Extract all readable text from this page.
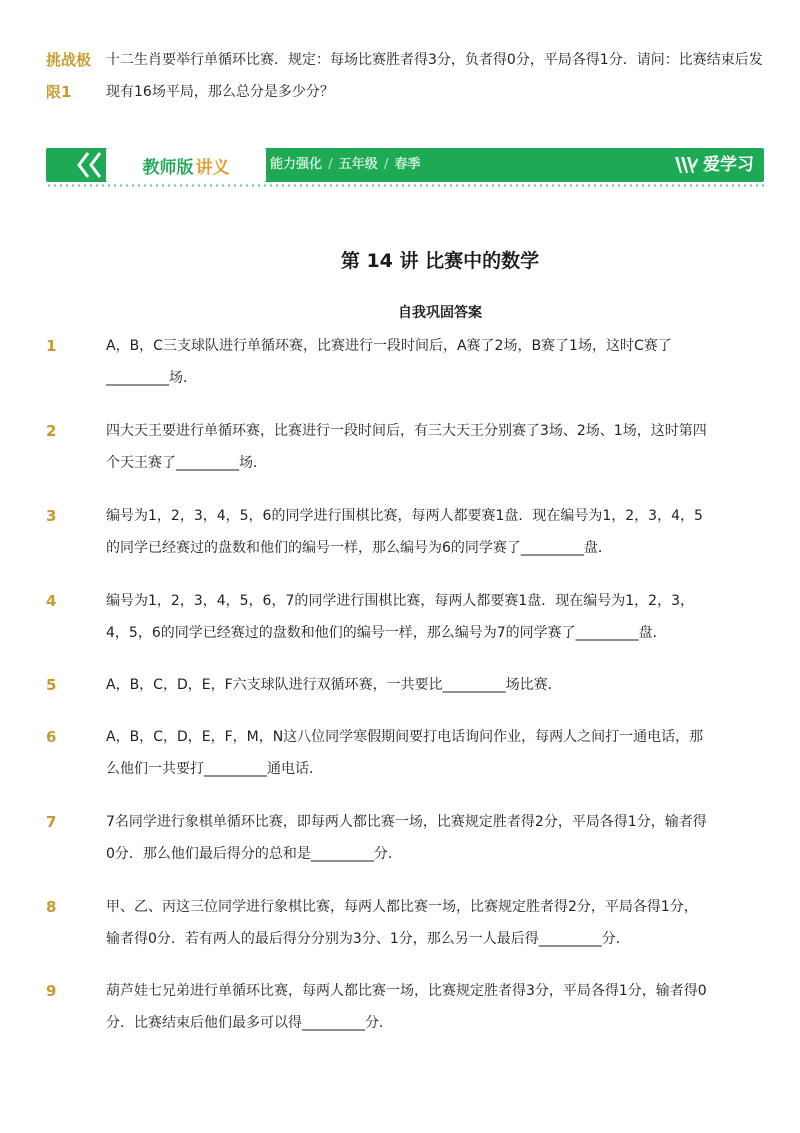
挑战极
限1
十二生肖要举行单循环比赛．规定：每场比赛胜者得3分，负者得0分，平局各得1分．请问：比赛结束后发现有16场平局，那么总分是多少分？
教师版 讲义	能力强化 / 五年级 / 春季	爱学习
第 14 讲 比赛中的数学
自我巩固答案
1	A，B，C三支球队进行单循环赛，比赛进行一段时间后，A赛了2场，B赛了1场，这时C赛了
_________场．
2	四大天王要进行单循环赛，比赛进行一段时间后，有三大天王分别赛了3场、2场、1场，这时第四
个天王赛了_________场．
3	编号为1，2，3，4，5，6的同学进行围棋比赛，每两人都要赛1盘．现在编号为1，2，3，4，5
的同学已经赛过的盘数和他们的编号一样，那么编号为6的同学赛了_________盘．
4	编号为1，2，3，4，5，6，7的同学进行围棋比赛，每两人都要赛1盘．现在编号为1，2，3，
4，5，6的同学已经赛过的盘数和他们的编号一样，那么编号为7的同学赛了_________盘．
5	A，B，C，D，E，F六支球队进行双循环赛，一共要比_________场比赛．
6	A，B，C，D，E，F，M，N这八位同学寒假期间要打电话询问作业，每两人之间打一通电话，那
么他们一共要打_________通电话．
7	7名同学进行象棋单循环比赛，即每两人都比赛一场，比赛规定胜者得2分，平局各得1分，输者得
0分．那么他们最后得分的总和是_________分．
8	甲、乙、丙这三位同学进行象棋比赛，每两人都比赛一场，比赛规定胜者得2分，平局各得1分，
输者得0分．若有两人的最后得分分别为3分、1分，那么另一人最后得_________分．
9	葫芦娃七兄弟进行单循环比赛，每两人都比赛一场，比赛规定胜者得3分，平局各得1分，输者得0
分．比赛结束后他们最多可以得_________分．
